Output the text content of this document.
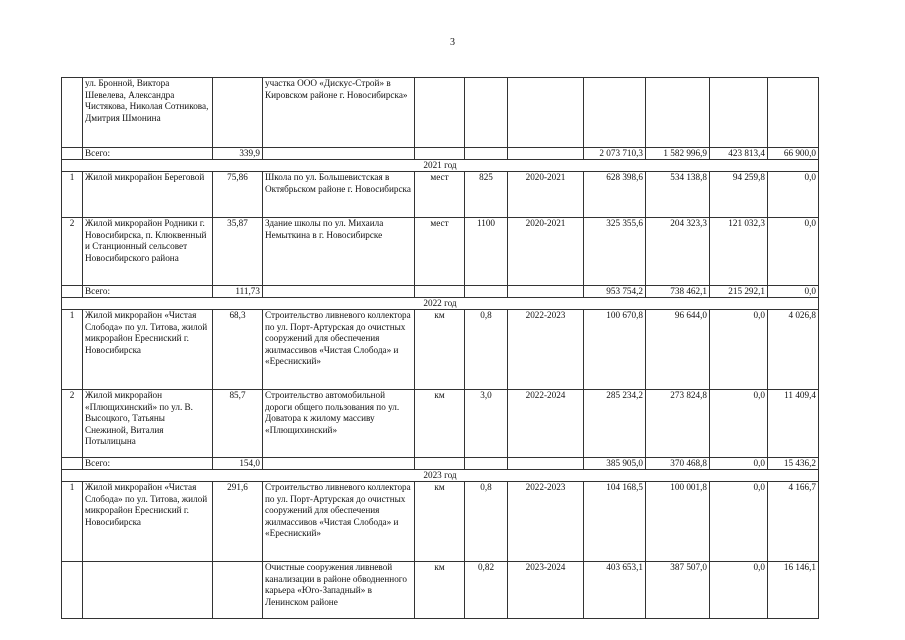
3
	ул. Бронной, Виктора Шевелева, Александра Чистякова, Николая Сотникова, Дмитрия Шмонина		участка ООО «Дискус-Строй» в Кировском районе г. Новосибирска»							
	Всего:	339,9					2 073 710,3	1 582 996,9	423 813,4	66 900,0
2021 год										
1	Жилой микрорайон Береговой	75,86	Школа по ул. Большевистская в Октябрьском районе г. Новосибирска	мест	825	2020-2021	628 398,6	534 138,8	94 259,8	0,0
2	Жилой микрорайон Родники г. Новосибирска, п. Клюквенный и Станционный сельсовет Новосибирского района	35,87	Здание школы по ул. Михаила Немыткина в г. Новосибирске	мест	1100	2020-2021	325 355,6	204 323,3	121 032,3	0,0
	Всего:	111,73					953 754,2	738 462,1	215 292,1	0,0
2022 год										
1	Жилой микрорайон «Чистая Слобода» по ул. Титова, жилой микрорайон Ересниский г. Новосибирска	68,3	Строительство ливневого коллектора по ул. Порт-Артурская до очистных сооружений для обеспечения жилмассивов «Чистая Слобода» и «Ересниский»	км	0,8	2022-2023	100 670,8	96 644,0	0,0	4 026,8
2	Жилой микрорайон «Плющихинский» по ул. В. Высоцкого, Татьяны Снежиной, Виталия Потылицына	85,7	Строительство автомобильной дороги общего пользования по ул. Доватора к жилому массиву «Плющихинский»	км	3,0	2022-2024	285 234,2	273 824,8	0,0	11 409,4
	Всего:	154,0					385 905,0	370 468,8	0,0	15 436,2
2023 год										
1	Жилой микрорайон «Чистая Слобода» по ул. Титова, жилой микрорайон Ересниский г. Новосибирска	291,6	Строительство ливневого коллектора по ул. Порт-Артурская до очистных сооружений для обеспечения жилмассивов «Чистая Слобода» и «Ересниский»	км	0,8	2022-2023	104 168,5	100 001,8	0,0	4 166,7
			Очистные сооружения ливневой канализации в районе обводненного карьера «Юго-Западный» в Ленинском районе	км	0,82	2023-2024	403 653,1	387 507,0	0,0	16 146,1
